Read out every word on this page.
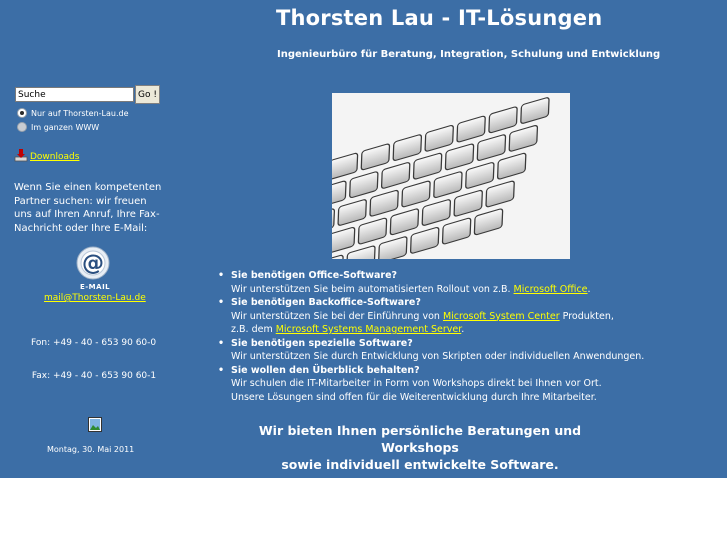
Thorsten Lau - IT-Lösungen
Ingenieurbüro für Beratung, Integration, Schulung und Entwicklung
Suche
Go !
Nur auf Thorsten-Lau.de
Im ganzen WWW
Downloads
Wenn Sie einen kompetenten
Partner suchen: wir freuen
uns auf Ihren Anruf, Ihre Fax-
Nachricht oder Ihre E-Mail:
@
E-MAIL
mail@Thorsten-Lau.de

Fon: +49 - 40 - 653 90 60-0

Fax: +49 - 40 - 653 90 60-1

Montag, 30. Mai 2011
• Sie benötigen Office-Software?
Wir unterstützen Sie beim automatisierten Rollout von z.B. Microsoft Office.
• Sie benötigen Backoffice-Software?
Wir unterstützen Sie bei der Einführung von Microsoft System Center Produkten,
z.B. dem Microsoft Systems Management Server.
• Sie benötigen spezielle Software?
Wir unterstützen Sie durch Entwicklung von Skripten oder individuellen Anwendungen.
• Sie wollen den Überblick behalten?
Wir schulen die IT-Mitarbeiter in Form von Workshops direkt bei Ihnen vor Ort.
Unsere Lösungen sind offen für die Weiterentwicklung durch Ihre Mitarbeiter.
Wir bieten Ihnen persönliche Beratungen und Workshops
sowie individuell entwickelte Software.
